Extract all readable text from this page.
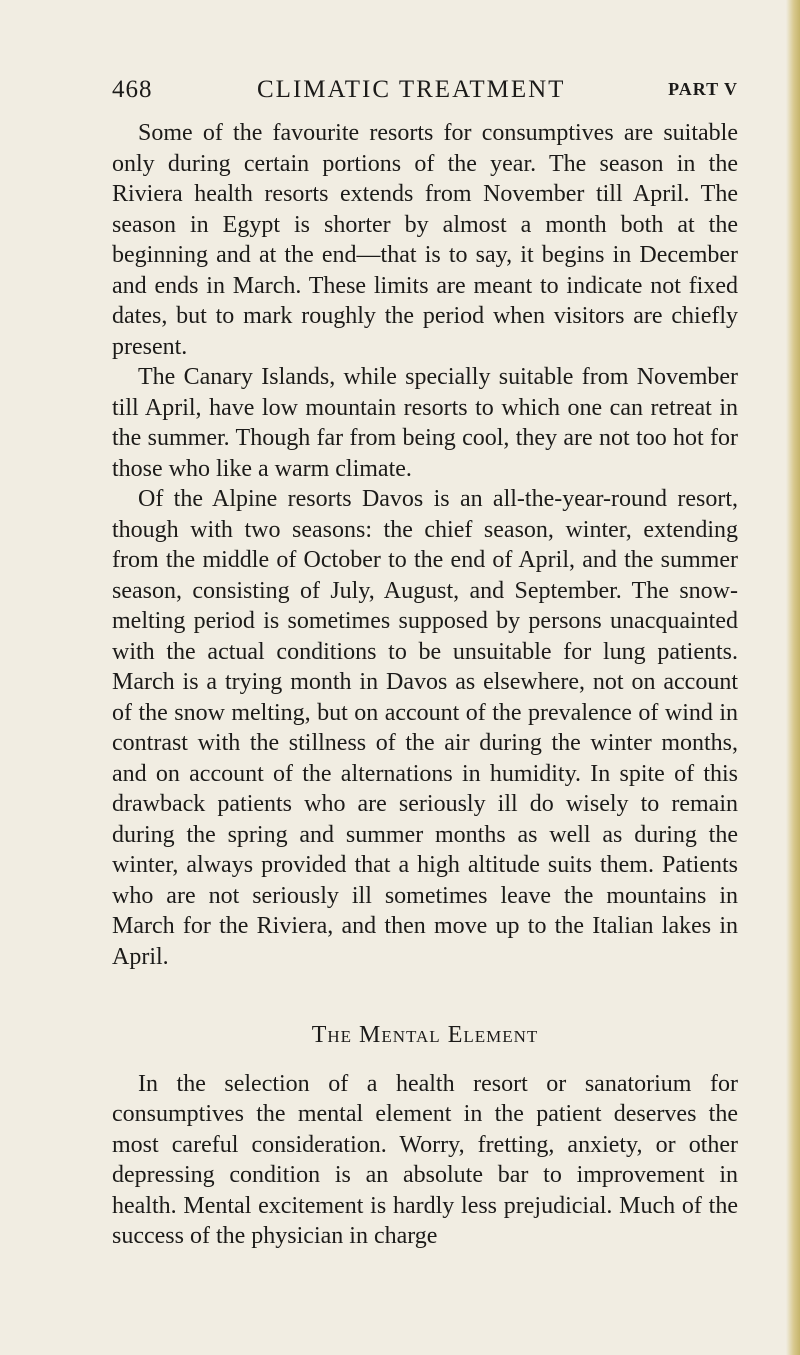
468	CLIMATIC TREATMENT	PART V

Some of the favourite resorts for consumptives are suitable only during certain portions of the year. The season in the Riviera health resorts extends from November till April. The season in Egypt is shorter by almost a month both at the beginning and at the end—that is to say, it begins in December and ends in March. These limits are meant to indicate not fixed dates, but to mark roughly the period when visitors are chiefly present.

The Canary Islands, while specially suitable from November till April, have low mountain resorts to which one can retreat in the summer. Though far from being cool, they are not too hot for those who like a warm climate.

Of the Alpine resorts Davos is an all-the-year-round resort, though with two seasons: the chief season, winter, extending from the middle of October to the end of April, and the summer season, consisting of July, August, and September. The snow-melting period is sometimes supposed by persons unacquainted with the actual conditions to be unsuitable for lung patients. March is a trying month in Davos as elsewhere, not on account of the snow melting, but on account of the prevalence of wind in contrast with the stillness of the air during the winter months, and on account of the alternations in humidity. In spite of this drawback patients who are seriously ill do wisely to remain during the spring and summer months as well as during the winter, always provided that a high altitude suits them. Patients who are not seriously ill sometimes leave the mountains in March for the Riviera, and then move up to the Italian lakes in April.

The Mental Element

In the selection of a health resort or sanatorium for consumptives the mental element in the patient deserves the most careful consideration. Worry, fretting, anxiety, or other depressing condition is an absolute bar to improvement in health. Mental excitement is hardly less prejudicial. Much of the success of the physician in charge
